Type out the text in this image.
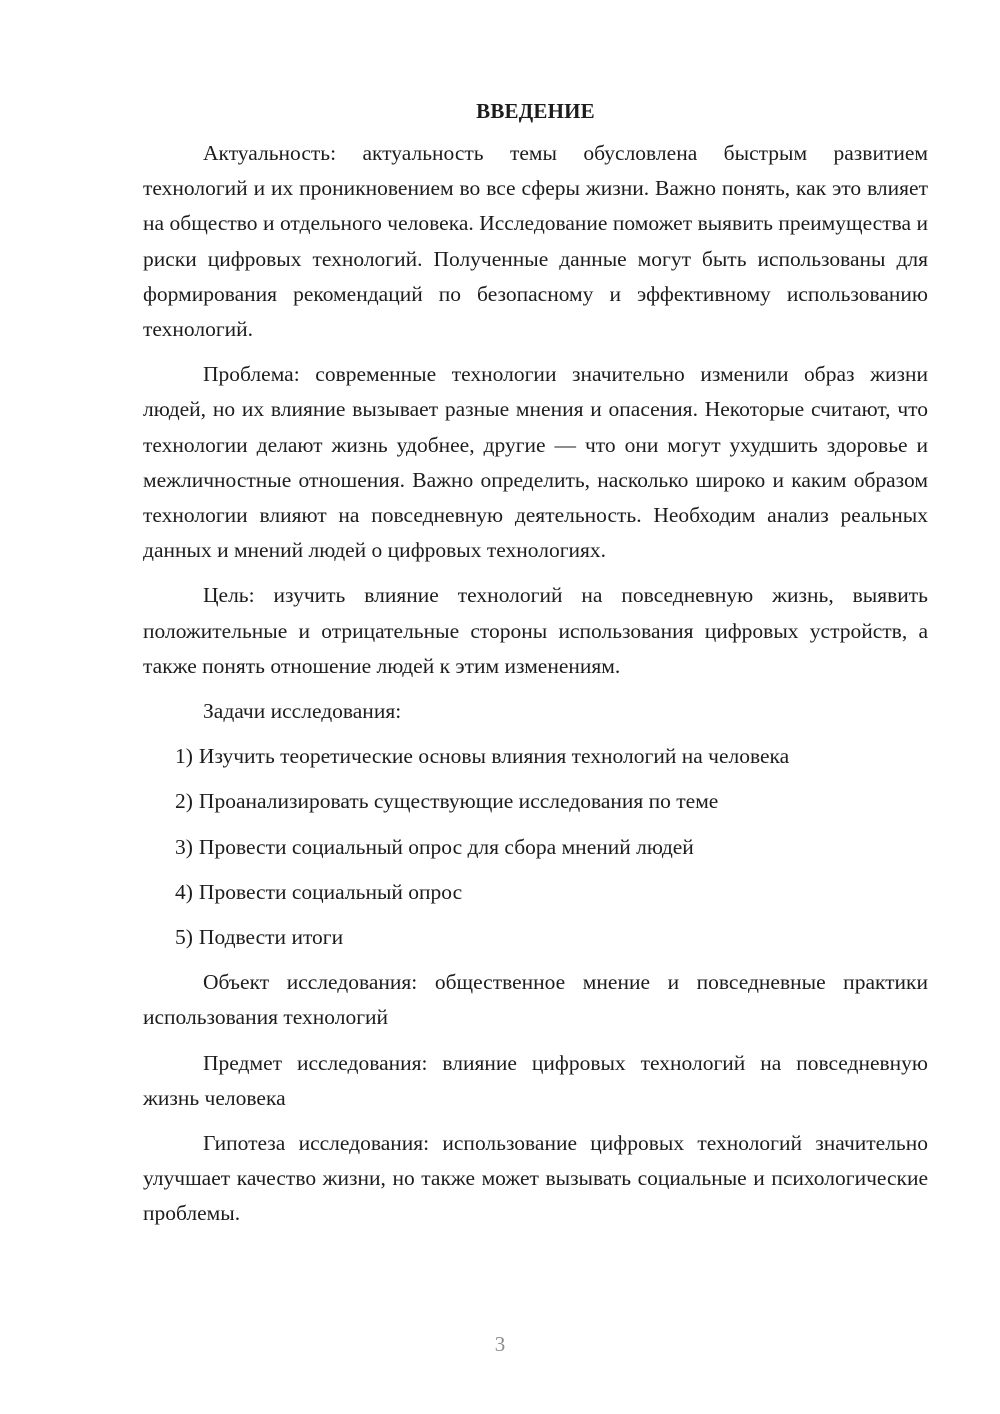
ВВЕДЕНИЕ

Актуальность: актуальность темы обусловлена быстрым развитием технологий и их проникновением во все сферы жизни. Важно понять, как это влияет на общество и отдельного человека. Исследование поможет выявить преимущества и риски цифровых технологий. Полученные данные могут быть использованы для формирования рекомендаций по безопасному и эффективному использованию технологий.

Проблема: современные технологии значительно изменили образ жизни людей, но их влияние вызывает разные мнения и опасения. Некоторые считают, что технологии делают жизнь удобнее, другие — что они могут ухудшить здоровье и межличностные отношения. Важно определить, насколько широко и каким образом технологии влияют на повседневную деятельность. Необходим анализ реальных данных и мнений людей о цифровых технологиях.

Цель: изучить влияние технологий на повседневную жизнь, выявить положительные и отрицательные стороны использования цифровых устройств, а также понять отношение людей к этим изменениям.

Задачи исследования:
1) Изучить теоретические основы влияния технологий на человека
2) Проанализировать существующие исследования по теме
3) Провести социальный опрос для сбора мнений людей
4) Провести социальный опрос
5) Подвести итоги

Объект исследования: общественное мнение и повседневные практики использования технологий

Предмет исследования: влияние цифровых технологий на повседневную жизнь человека

Гипотеза исследования: использование цифровых технологий значительно улучшает качество жизни, но также может вызывать социальные и психологические проблемы.

3
